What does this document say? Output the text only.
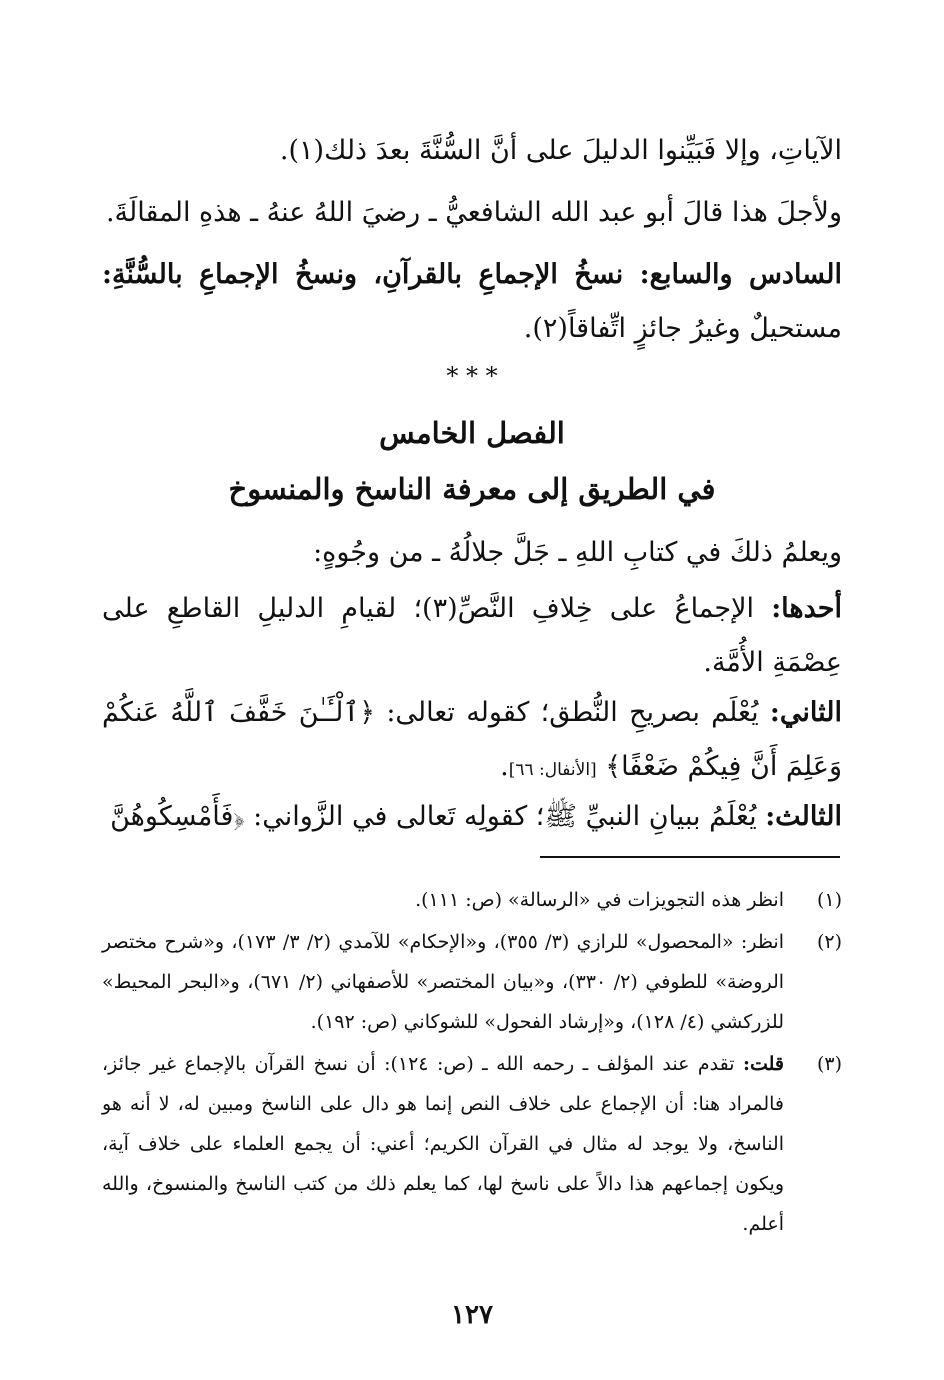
الآياتِ، وإلا فَبَيِّنوا الدليلَ على أنَّ السُّنَّةَ بعدَ ذلك(١).

ولأجلَ هذا قالَ أبو عبد الله الشافعيُّ ـ رضيَ اللهُ عنهُ ـ هذهِ المقالَةَ.

السادس والسابع: نسخُ الإجماعِ بالقرآنِ، ونسخُ الإجماعِ بالسُّنَّةِ: مستحيلٌ وغيرُ جائزٍ اتِّفاقاً(٢).

* * *

الفصل الخامس

في الطريق إلى معرفة الناسخ والمنسوخ

ويعلمُ ذلكَ في كتابِ اللهِ ـ جَلَّ جلالُهُ ـ من وجُوهٍ:

أحدها: الإجماعُ على خِلافِ النَّصِّ(٣)؛ لقيامِ الدليلِ القاطعِ على عِصْمَةِ الأُمَّة.

الثاني: يُعْلَم بصريحِ النُّطق؛ كقوله تعالى: ﴿ٱلْـَٔـٰنَ خَفَّفَ ٱللَّهُ عَنكُمْ وَعَلِمَ أَنَّ فِيكُمْ ضَعْفًا﴾ [الأنفال: ٦٦].

الثالث: يُعْلَمُ ببيانِ النبيِّ ﷺ؛ كقولِه تَعالى في الزَّواني: ﴿فَأَمْسِكُوهُنَّ

(١)
انظر هذه التجويزات في «الرسالة» (ص: ١١١).

(٢)
انظر: «المحصول» للرازي (٣/ ٣٥٥)، و«الإحكام» للآمدي (٢/ ٣/ ١٧٣)، و«شرح مختصر الروضة» للطوفي (٢/ ٣٣٠)، و«بيان المختصر» للأصفهاني (٢/ ٦٧١)، و«البحر المحيط» للزركشي (٤/ ١٢٨)، و«إرشاد الفحول» للشوكاني (ص: ١٩٢).

(٣)
قلت: تقدم عند المؤلف ـ رحمه الله ـ (ص: ١٢٤): أن نسخ القرآن بالإجماع غير جائز، فالمراد هنا: أن الإجماع على خلاف النص إنما هو دال على الناسخ ومبين له، لا أنه هو الناسخ، ولا يوجد له مثال في القرآن الكريم؛ أعني: أن يجمع العلماء على خلاف آية، ويكون إجماعهم هذا دالاً على ناسخ لها، كما يعلم ذلك من كتب الناسخ والمنسوخ، والله أعلم.

١٢٧
